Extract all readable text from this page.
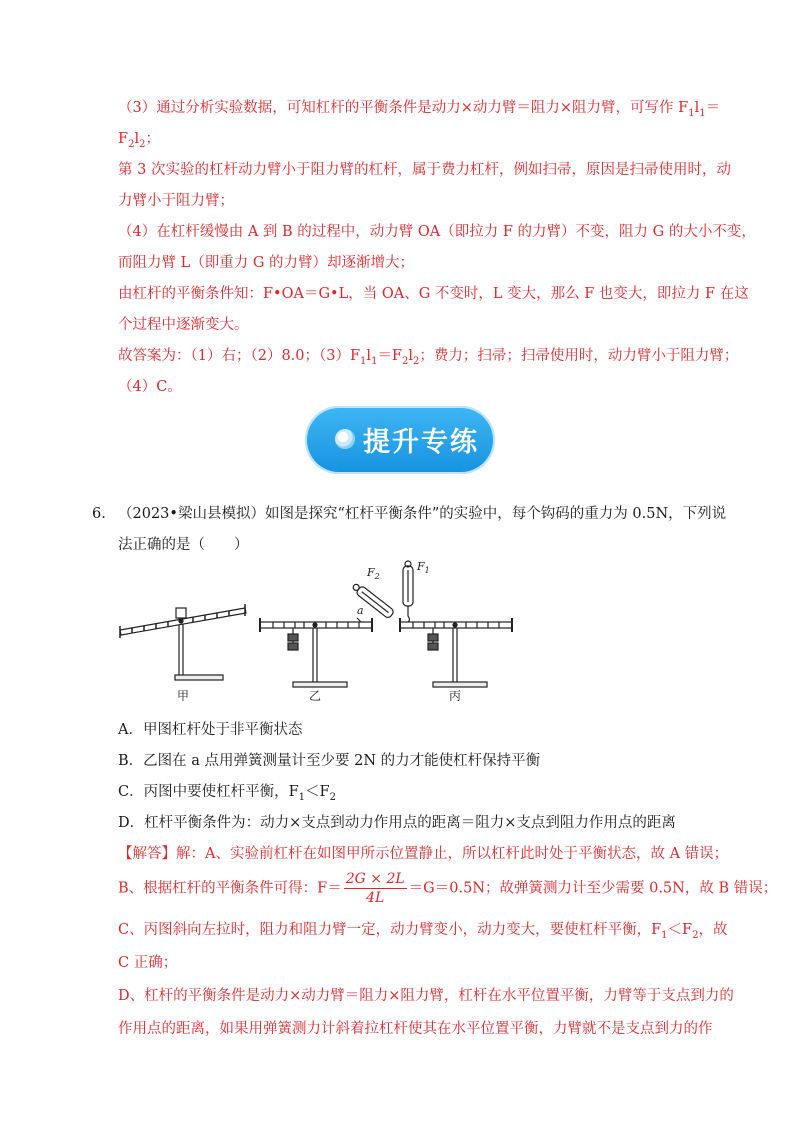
（3）通过分析实验数据，可知杠杆的平衡条件是动力×动力臂＝阻力×阻力臂，可写作 $F_1l_1=$
$F_2l_2$；
第 3 次实验的杠杆动力臂小于阻力臂的杠杆，属于费力杠杆，例如扫帚，原因是扫帚使用时，动
力臂小于阻力臂；
（4）在杠杆缓慢由 A 到 B 的过程中，动力臂 OA（即拉力 F 的力臂）不变，阻力 G 的大小不变，
而阻力臂 L（即重力 G 的力臂）却逐渐增大；
由杠杆的平衡条件知：F•OA＝G•L，当 OA、G 不变时，L 变大，那么 F 也变大，即拉力 F 在这
个过程中逐渐变大。
故答案为：（1）右；（2）8.0；$(3)F_1l_1=F_2l_2$；费力；扫帚；扫帚使用时，动力臂小于阻力臂；
（4）C。
提升专练
6. （2023•梁山县模拟）如图是探究“杠杆平衡条件”的实验中，每个钩码的重力为 0.5N，下列说
法正确的是（　　）
甲	乙	丙
a
$F_1$
$F_2$
A．甲图杠杆处于非平衡状态
B．乙图在 a 点用弹簧测量计至少要 2N 的力才能使杠杆保持平衡
C．丙图中要使杠杆平衡，$F_1<F_2$
D．杠杆平衡条件为：动力×支点到动力作用点的距离＝阻力×支点到阻力作用点的距离
【解答】解：A、实验前杠杆在如图甲所示位置静止，所以杠杆此时处于平衡状态，故 A 错误；
B、根据杠杆的平衡条件可得：$F= \frac{2G \times 2L}{4L} =G=0.5N$；故弹簧测力计至少需要 0.5N，故 B 错误；
C、丙图斜向左拉时，阻力和阻力臂一定，动力臂变小，动力变大，要使杠杆平衡，$F_1<F_2$，故
C 正确；
D、杠杆的平衡条件是动力×动力臂＝阻力×阻力臂，杠杆在水平位置平衡，力臂等于支点到力的
作用点的距离，如果用弹簧测力计斜着拉杠杆使其在水平位置平衡，力臂就不是支点到力的作
